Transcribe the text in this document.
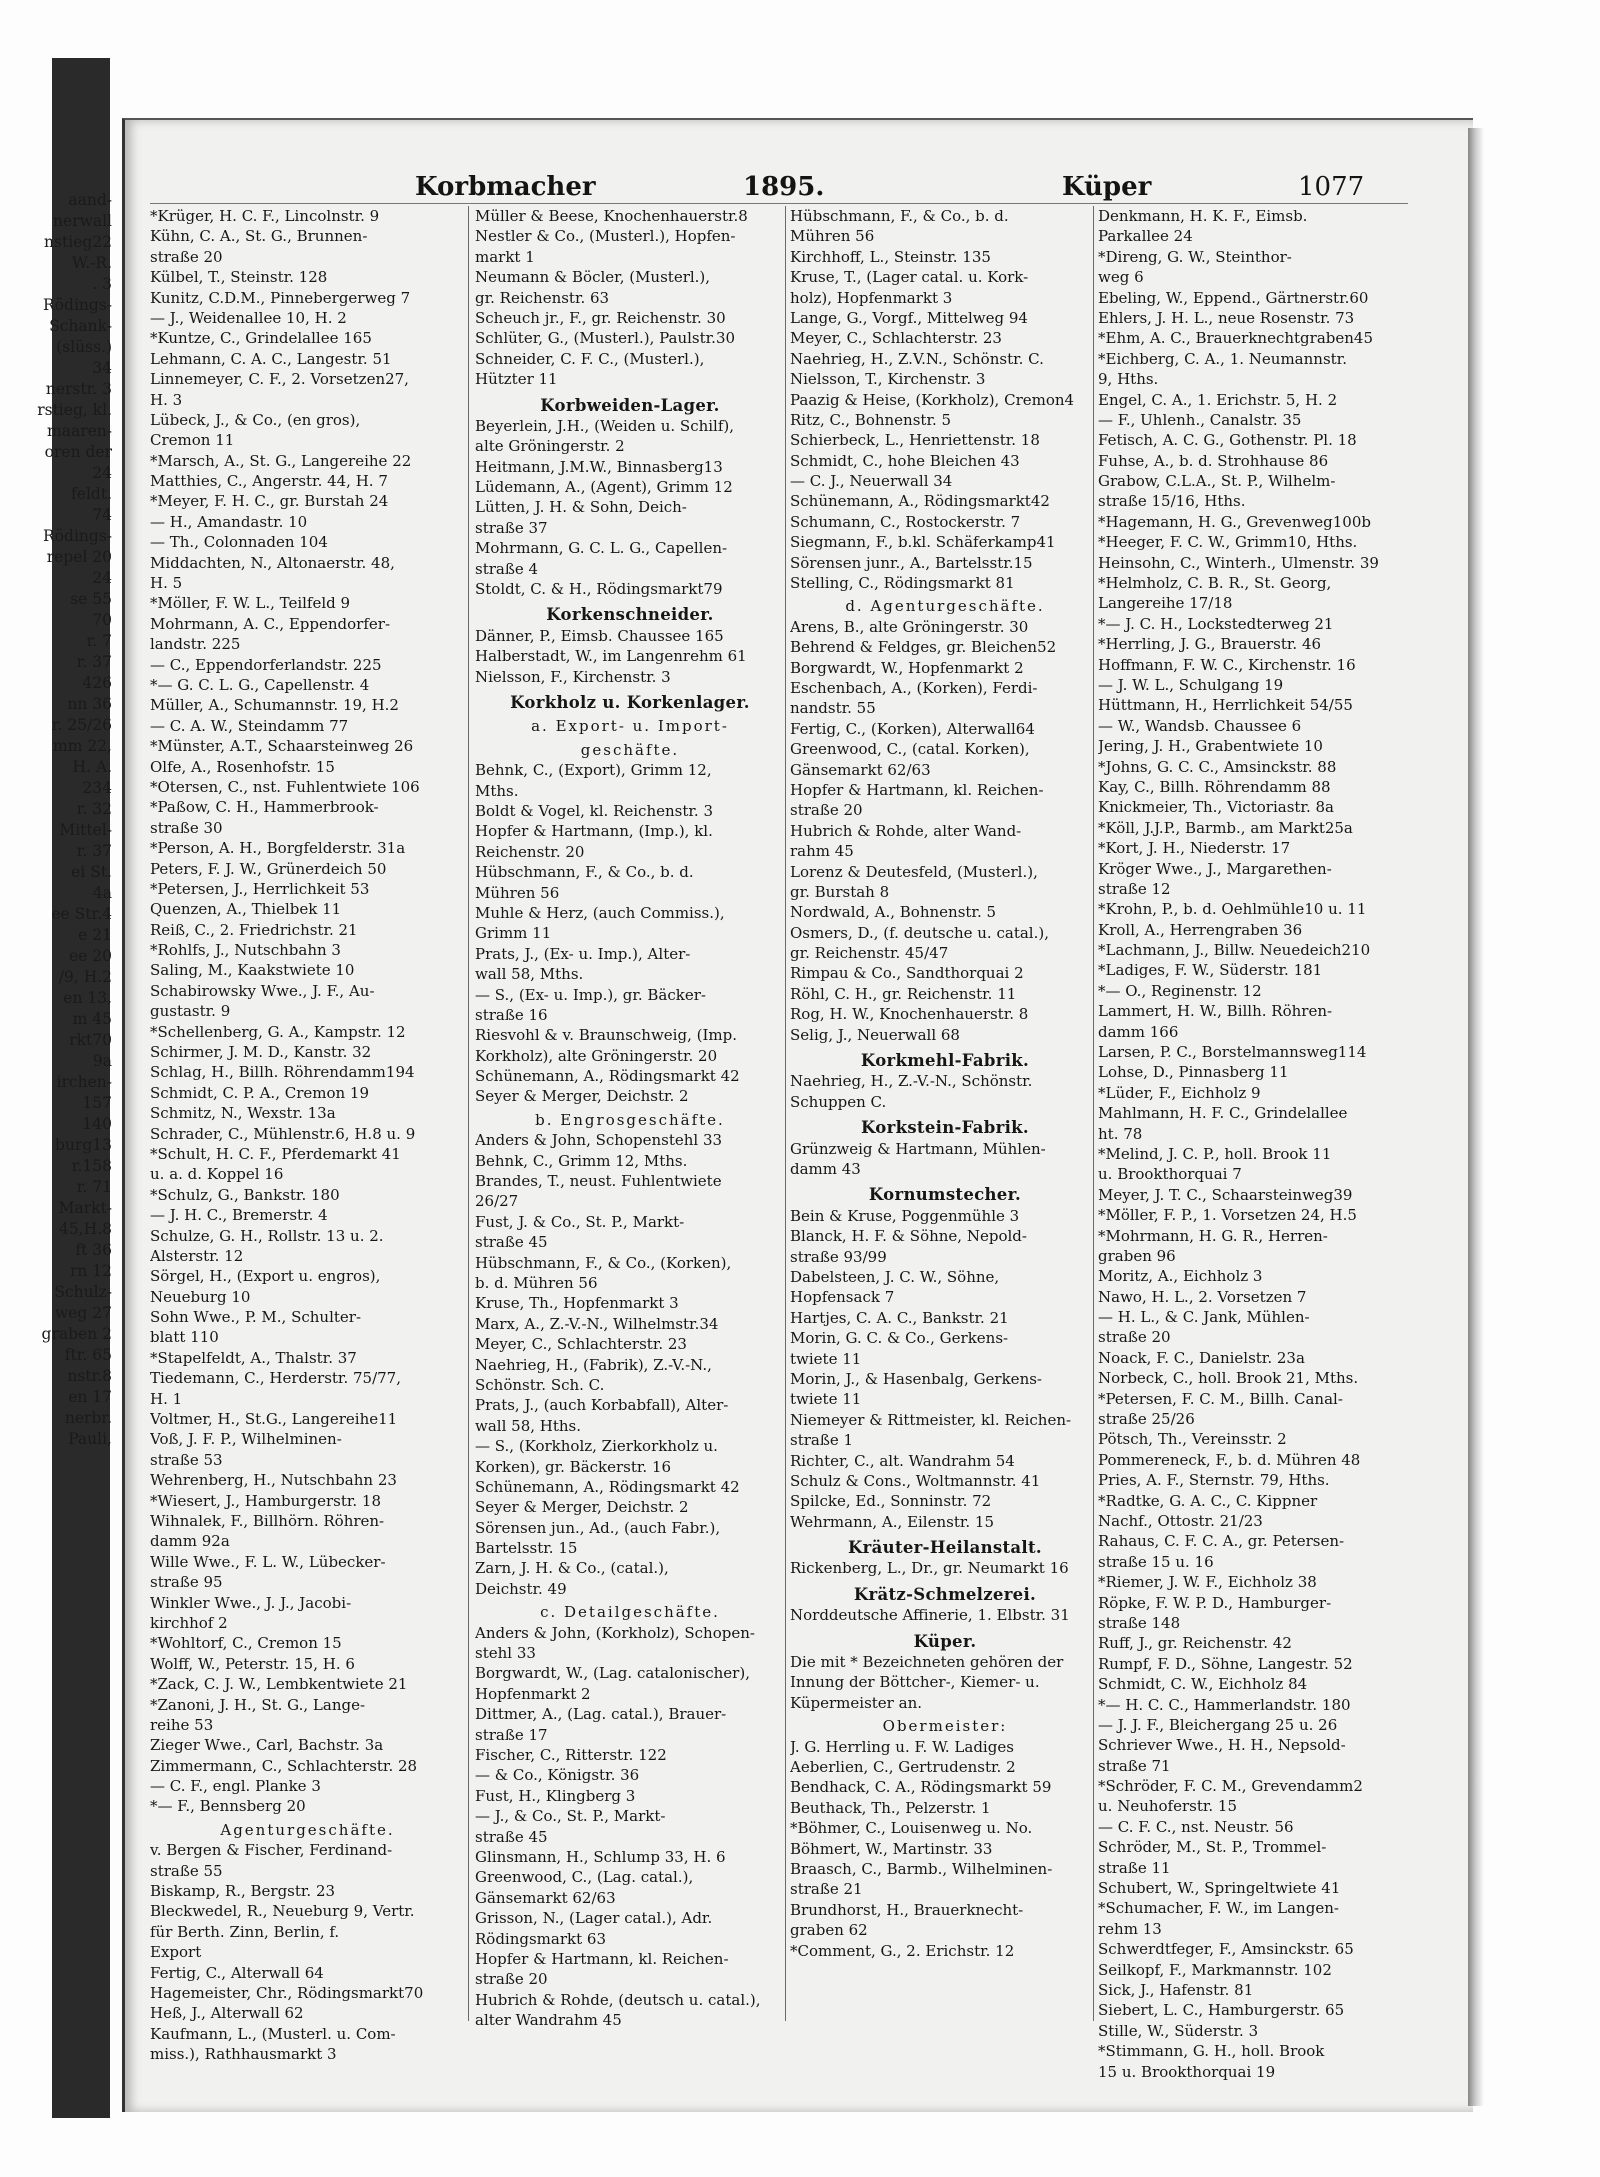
aand-
nerwall
nstieg22
W.-R.
. 3
Rödings-
Schank-
(slüss.)
34
nerstr. 3
rstieg, kl.
maaren-
oren der
24
feldt.
74
Rödings-
repel 20
24
se 55
70
r. 7
r. 37
426
nn 36
r. 25/26
mm 22,
H. A.
234
r. 32
Mittel-
r. 37
ei St.
4a
ee Str.4
e 21
ee 20
/9, H.2
en 13,
m 45
rkt70
9a
irchen-
157
140
burg13
r.158
r. 71
Markt-
45,H.8
ft 36
rn 12
Schulz-
weg 27
graben 2
ftr. 65
nstr.8
en 17
nerbr.
Pauli,
Korbmacher	1895.	Küper	1077
*Krüger, H. C. F., Lincolnstr. 9
Kühn, C. A., St. G., Brunnen-
straße 20
Külbel, T., Steinstr. 128
Kunitz, C.D.M., Pinnebergerweg 7
— J., Weidenallee 10, H. 2
*Kuntze, C., Grindelallee 165
Lehmann, C. A. C., Langestr. 51
Linnemeyer, C. F., 2. Vorsetzen27,
H. 3
Lübeck, J., & Co., (en gros),
Cremon 11
*Marsch, A., St. G., Langereihe 22
Matthies, C., Angerstr. 44, H. 7
*Meyer, F. H. C., gr. Burstah 24
— H., Amandastr. 10
— Th., Colonnaden 104
Middachten, N., Altonaerstr. 48,
H. 5
*Möller, F. W. L., Teilfeld 9
Mohrmann, A. C., Eppendorfer-
landstr. 225
— C., Eppendorferlandstr. 225
*— G. C. L. G., Capellenstr. 4
Müller, A., Schumannstr. 19, H.2
— C. A. W., Steindamm 77
*Münster, A.T., Schaarsteinweg 26
Olfe, A., Rosenhofstr. 15
*Otersen, C., nst. Fuhlentwiete 106
*Paßow, C. H., Hammerbrook-
straße 30
*Person, A. H., Borgfelderstr. 31a
Peters, F. J. W., Grünerdeich 50
*Petersen, J., Herrlichkeit 53
Quenzen, A., Thielbek 11
Reiß, C., 2. Friedrichstr. 21
*Rohlfs, J., Nutschbahn 3
Saling, M., Kaakstwiete 10
Schabirowsky Wwe., J. F., Au-
gustastr. 9
*Schellenberg, G. A., Kampstr. 12
Schirmer, J. M. D., Kanstr. 32
Schlag, H., Billh. Röhrendamm194
Schmidt, C. P. A., Cremon 19
Schmitz, N., Wexstr. 13a
Schrader, C., Mühlenstr.6, H.8 u. 9
*Schult, H. C. F., Pferdemarkt 41
u. a. d. Koppel 16
*Schulz, G., Bankstr. 180
— J. H. C., Bremerstr. 4
Schulze, G. H., Rollstr. 13 u. 2.
Alsterstr. 12
Sörgel, H., (Export u. engros),
Neueburg 10
Sohn Wwe., P. M., Schulter-
blatt 110
*Stapelfeldt, A., Thalstr. 37
Tiedemann, C., Herderstr. 75/77,
H. 1
Voltmer, H., St.G., Langereihe11
Voß, J. F. P., Wilhelminen-
straße 53
Wehrenberg, H., Nutschbahn 23
*Wiesert, J., Hamburgerstr. 18
Wihnalek, F., Billhörn. Röhren-
damm 92a
Wille Wwe., F. L. W., Lübecker-
straße 95
Winkler Wwe., J. J., Jacobi-
kirchhof 2
*Wohltorf, C., Cremon 15
Wolff, W., Peterstr. 15, H. 6
*Zack, C. J. W., Lembkentwiete 21
*Zanoni, J. H., St. G., Lange-
reihe 53
Zieger Wwe., Carl, Bachstr. 3a
Zimmermann, C., Schlachterstr. 28
— C. F., engl. Planke 3
*— F., Bennsberg 20
Agenturgeschäfte.
v. Bergen & Fischer, Ferdinand-
straße 55
Biskamp, R., Bergstr. 23
Bleckwedel, R., Neueburg 9, Vertr.
für Berth. Zinn, Berlin, f.
Export
Fertig, C., Alterwall 64
Hagemeister, Chr., Rödingsmarkt70
Heß, J., Alterwall 62
Kaufmann, L., (Musterl. u. Com-
miss.), Rathhausmarkt 3
Müller & Beese, Knochenhauerstr.8
Nestler & Co., (Musterl.), Hopfen-
markt 1
Neumann & Böcler, (Musterl.),
gr. Reichenstr. 63
Scheuch jr., F., gr. Reichenstr. 30
Schlüter, G., (Musterl.), Paulstr.30
Schneider, C. F. C., (Musterl.),
Hützter 11
Korbweiden-Lager.
Beyerlein, J.H., (Weiden u. Schilf),
alte Gröningerstr. 2
Heitmann, J.M.W., Binnasberg13
Lüdemann, A., (Agent), Grimm 12
Lütten, J. H. & Sohn, Deich-
straße 37
Mohrmann, G. C. L. G., Capellen-
straße 4
Stoldt, C. & H., Rödingsmarkt79
Korkenschneider.
Dänner, P., Eimsb. Chaussee 165
Halberstadt, W., im Langenrehm 61
Nielsson, F., Kirchenstr. 3
Korkholz u. Korkenlager.
a. Export- u. Import-
geschäfte.
Behnk, C., (Export), Grimm 12,
Mths.
Boldt & Vogel, kl. Reichenstr. 3
Hopfer & Hartmann, (Imp.), kl.
Reichenstr. 20
Hübschmann, F., & Co., b. d.
Mühren 56
Muhle & Herz, (auch Commiss.),
Grimm 11
Prats, J., (Ex- u. Imp.), Alter-
wall 58, Mths.
— S., (Ex- u. Imp.), gr. Bäcker-
straße 16
Riesvohl & v. Braunschweig, (Imp.
Korkholz), alte Gröningerstr. 20
Schünemann, A., Rödingsmarkt 42
Seyer & Merger, Deichstr. 2
b. Engrosgeschäfte.
Anders & John, Schopenstehl 33
Behnk, C., Grimm 12, Mths.
Brandes, T., neust. Fuhlentwiete
26/27
Fust, J. & Co., St. P., Markt-
straße 45
Hübschmann, F., & Co., (Korken),
b. d. Mühren 56
Kruse, Th., Hopfenmarkt 3
Marx, A., Z.-V.-N., Wilhelmstr.34
Meyer, C., Schlachterstr. 23
Naehrieg, H., (Fabrik), Z.-V.-N.,
Schönstr. Sch. C.
Prats, J., (auch Korbabfall), Alter-
wall 58, Hths.
— S., (Korkholz, Zierkorkholz u.
Korken), gr. Bäckerstr. 16
Schünemann, A., Rödingsmarkt 42
Seyer & Merger, Deichstr. 2
Sörensen jun., Ad., (auch Fabr.),
Bartelsstr. 15
Zarn, J. H. & Co., (catal.),
Deichstr. 49
c. Detailgeschäfte.
Anders & John, (Korkholz), Schopen-
stehl 33
Borgwardt, W., (Lag. catalonischer),
Hopfenmarkt 2
Dittmer, A., (Lag. catal.), Brauer-
straße 17
Fischer, C., Ritterstr. 122
— & Co., Königstr. 36
Fust, H., Klingberg 3
— J., & Co., St. P., Markt-
straße 45
Glinsmann, H., Schlump 33, H. 6
Greenwood, C., (Lag. catal.),
Gänsemarkt 62/63
Grisson, N., (Lager catal.), Adr.
Rödingsmarkt 63
Hopfer & Hartmann, kl. Reichen-
straße 20
Hubrich & Rohde, (deutsch u. catal.),
alter Wandrahm 45
Hübschmann, F., & Co., b. d.
Mühren 56
Kirchhoff, L., Steinstr. 135
Kruse, T., (Lager catal. u. Kork-
holz), Hopfenmarkt 3
Lange, G., Vorgf., Mittelweg 94
Meyer, C., Schlachterstr. 23
Naehrieg, H., Z.V.N., Schönstr. C.
Nielsson, T., Kirchenstr. 3
Paazig & Heise, (Korkholz), Cremon4
Ritz, C., Bohnenstr. 5
Schierbeck, L., Henriettenstr. 18
Schmidt, C., hohe Bleichen 43
— C. J., Neuerwall 34
Schünemann, A., Rödingsmarkt42
Schumann, C., Rostockerstr. 7
Siegmann, F., b.kl. Schäferkamp41
Sörensen junr., A., Bartelsstr.15
Stelling, C., Rödingsmarkt 81
d. Agenturgeschäfte.
Arens, B., alte Gröningerstr. 30
Behrend & Feldges, gr. Bleichen52
Borgwardt, W., Hopfenmarkt 2
Eschenbach, A., (Korken), Ferdi-
nandstr. 55
Fertig, C., (Korken), Alterwall64
Greenwood, C., (catal. Korken),
Gänsemarkt 62/63
Hopfer & Hartmann, kl. Reichen-
straße 20
Hubrich & Rohde, alter Wand-
rahm 45
Lorenz & Deutesfeld, (Musterl.),
gr. Burstah 8
Nordwald, A., Bohnenstr. 5
Osmers, D., (f. deutsche u. catal.),
gr. Reichenstr. 45/47
Rimpau & Co., Sandthorquai 2
Röhl, C. H., gr. Reichenstr. 11
Rog, H. W., Knochenhauerstr. 8
Selig, J., Neuerwall 68
Korkmehl-Fabrik.
Naehrieg, H., Z.-V.-N., Schönstr.
Schuppen C.
Korkstein-Fabrik.
Grünzweig & Hartmann, Mühlen-
damm 43
Kornumstecher.
Bein & Kruse, Poggenmühle 3
Blanck, H. F. & Söhne, Nepold-
straße 93/99
Dabelsteen, J. C. W., Söhne,
Hopfensack 7
Hartjes, C. A. C., Bankstr. 21
Morin, G. C. & Co., Gerkens-
twiete 11
Morin, J., & Hasenbalg, Gerkens-
twiete 11
Niemeyer & Rittmeister, kl. Reichen-
straße 1
Richter, C., alt. Wandrahm 54
Schulz & Cons., Woltmannstr. 41
Spilcke, Ed., Sonninstr. 72
Wehrmann, A., Eilenstr. 15
Kräuter-Heilanstalt.
Rickenberg, L., Dr., gr. Neumarkt 16
Krätz-Schmelzerei.
Norddeutsche Affinerie, 1. Elbstr. 31
Küper.
Die mit * Bezeichneten gehören der
Innung der Böttcher-, Kiemer- u.
Küpermeister an.
Obermeister:
J. G. Herrling u. F. W. Ladiges
Aeberlien, C., Gertrudenstr. 2
Bendhack, C. A., Rödingsmarkt 59
Beuthack, Th., Pelzerstr. 1
*Böhmer, C., Louisenweg u. No.
Böhmert, W., Martinstr. 33
Braasch, C., Barmb., Wilhelminen-
straße 21
Brundhorst, H., Brauerknecht-
graben 62
*Comment, G., 2. Erichstr. 12
Denkmann, H. K. F., Eimsb.
Parkallee 24
*Direng, G. W., Steinthor-
weg 6
Ebeling, W., Eppend., Gärtnerstr.60
Ehlers, J. H. L., neue Rosenstr. 73
*Ehm, A. C., Brauerknechtgraben45
*Eichberg, C. A., 1. Neumannstr.
9, Hths.
Engel, C. A., 1. Erichstr. 5, H. 2
— F., Uhlenh., Canalstr. 35
Fetisch, A. C. G., Gothenstr. Pl. 18
Fuhse, A., b. d. Strohhause 86
Grabow, C.L.A., St. P., Wilhelm-
straße 15/16, Hths.
*Hagemann, H. G., Grevenweg100b
*Heeger, F. C. W., Grimm10, Hths.
Heinsohn, C., Winterh., Ulmenstr. 39
*Helmholz, C. B. R., St. Georg,
Langereihe 17/18
*— J. C. H., Lockstedterweg 21
*Herrling, J. G., Brauerstr. 46
Hoffmann, F. W. C., Kirchenstr. 16
— J. W. L., Schulgang 19
Hüttmann, H., Herrlichkeit 54/55
— W., Wandsb. Chaussee 6
Jering, J. H., Grabentwiete 10
*Johns, G. C. C., Amsinckstr. 88
Kay, C., Billh. Röhrendamm 88
Knickmeier, Th., Victoriastr. 8a
*Köll, J.J.P., Barmb., am Markt25a
*Kort, J. H., Niederstr. 17
Kröger Wwe., J., Margarethen-
straße 12
*Krohn, P., b. d. Oehlmühle10 u. 11
Kroll, A., Herrengraben 36
*Lachmann, J., Billw. Neuedeich210
*Ladiges, F. W., Süderstr. 181
*— O., Reginenstr. 12
Lammert, H. W., Billh. Röhren-
damm 166
Larsen, P. C., Borstelmannsweg114
Lohse, D., Pinnasberg 11
*Lüder, F., Eichholz 9
Mahlmann, H. F. C., Grindelallee
ht. 78
*Melind, J. C. P., holl. Brook 11
u. Brookthorquai 7
Meyer, J. T. C., Schaarsteinweg39
*Möller, F. P., 1. Vorsetzen 24, H.5
*Mohrmann, H. G. R., Herren-
graben 96
Moritz, A., Eichholz 3
Nawo, H. L., 2. Vorsetzen 7
— H. L., & C. Jank, Mühlen-
straße 20
Noack, F. C., Danielstr. 23a
Norbeck, C., holl. Brook 21, Mths.
*Petersen, F. C. M., Billh. Canal-
straße 25/26
Pötsch, Th., Vereinsstr. 2
Pommereneck, F., b. d. Mühren 48
Pries, A. F., Sternstr. 79, Hths.
*Radtke, G. A. C., C. Kippner
Nachf., Ottostr. 21/23
Rahaus, C. F. C. A., gr. Petersen-
straße 15 u. 16
*Riemer, J. W. F., Eichholz 38
Röpke, F. W. P. D., Hamburger-
straße 148
Ruff, J., gr. Reichenstr. 42
Rumpf, F. D., Söhne, Langestr. 52
Schmidt, C. W., Eichholz 84
*— H. C. C., Hammerlandstr. 180
— J. J. F., Bleichergang 25 u. 26
Schriever Wwe., H. H., Nepsold-
straße 71
*Schröder, F. C. M., Grevendamm2
u. Neuhoferstr. 15
— C. F. C., nst. Neustr. 56
Schröder, M., St. P., Trommel-
straße 11
Schubert, W., Springeltwiete 41
*Schumacher, F. W., im Langen-
rehm 13
Schwerdtfeger, F., Amsinckstr. 65
Seilkopf, F., Markmannstr. 102
Sick, J., Hafenstr. 81
Siebert, L. C., Hamburgerstr. 65
Stille, W., Süderstr. 3
*Stimmann, G. H., holl. Brook
15 u. Brookthorquai 19
